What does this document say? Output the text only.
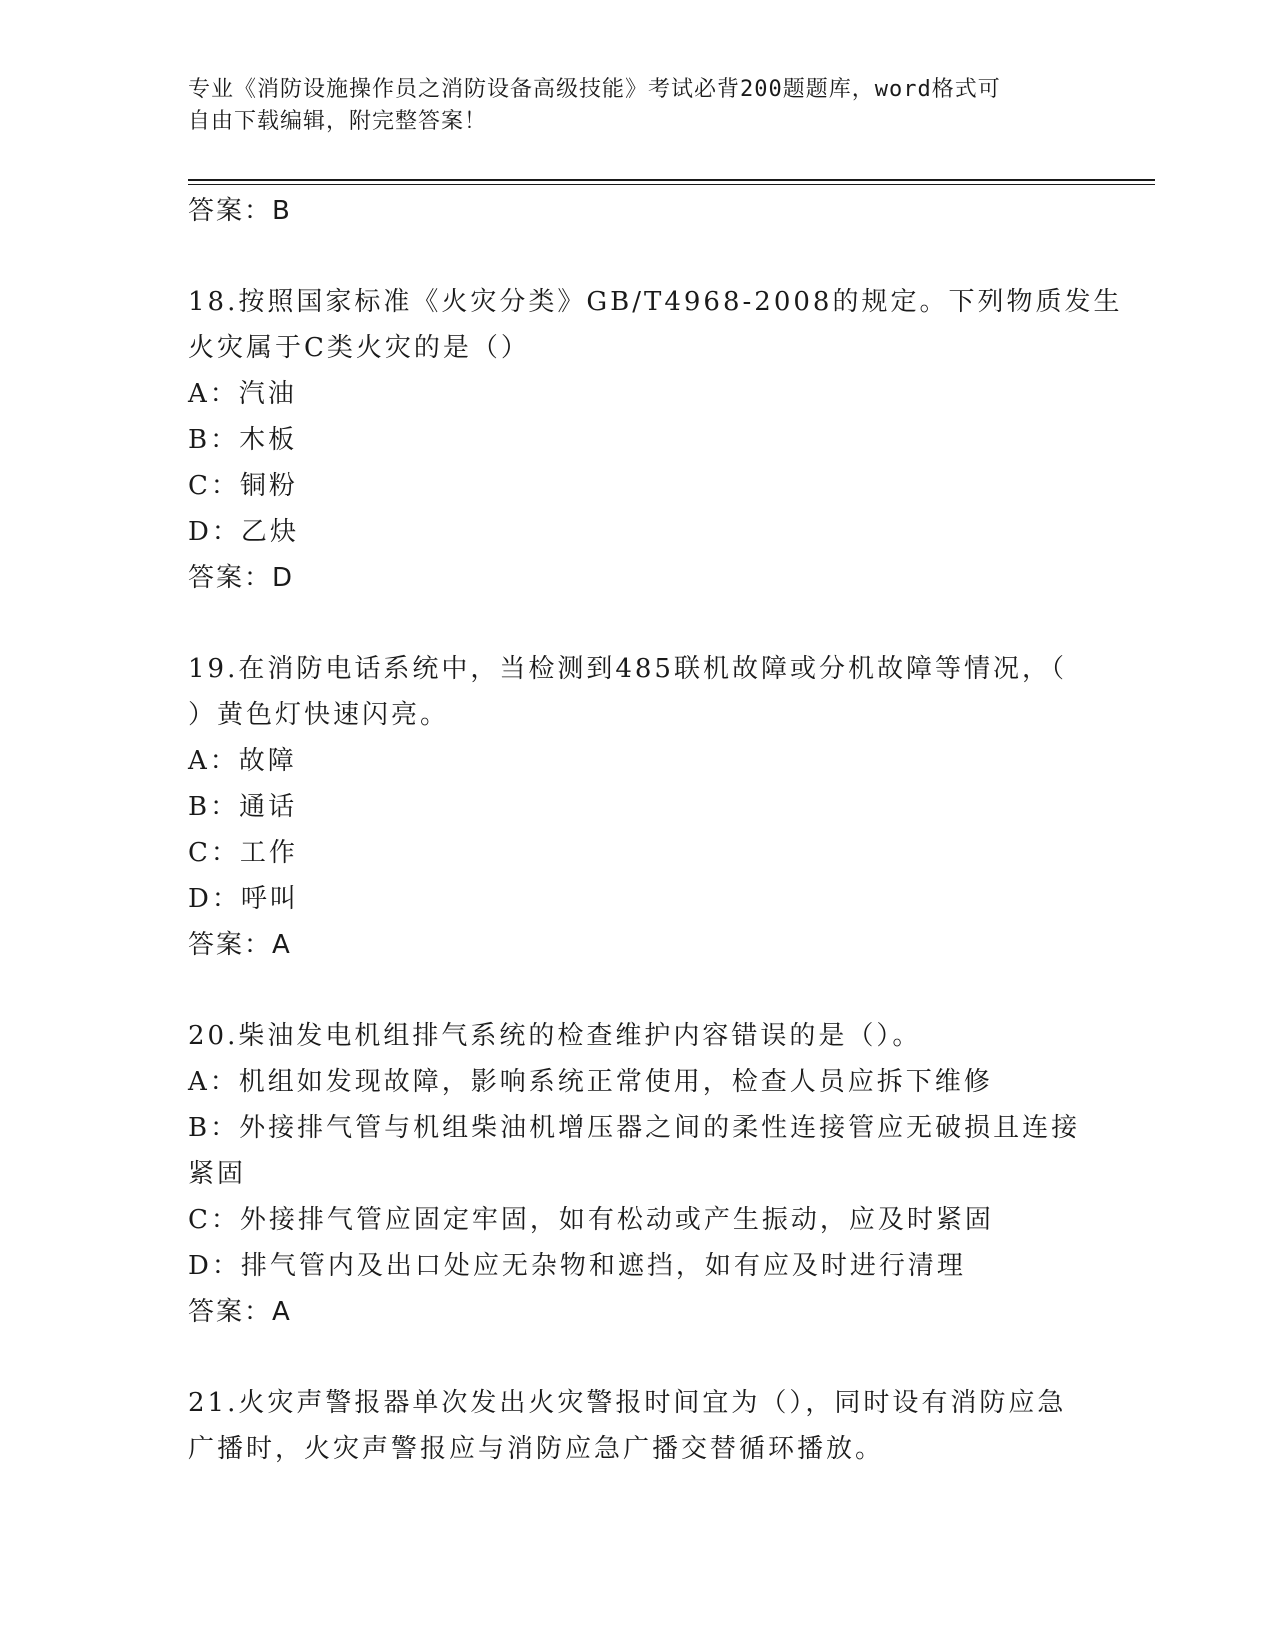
专业《消防设施操作员之消防设备高级技能》考试必背200题题库，word格式可
自由下载编辑，附完整答案！
答案：B
18.按照国家标准《火灾分类》GB/T4968-2008的规定。下列物质发生
火灾属于C类火灾的是（）
A：汽油
B：木板
C：铜粉
D：乙炔
答案：D
19.在消防电话系统中，当检测到485联机故障或分机故障等情况，（
）黄色灯快速闪亮。
A：故障
B：通话
C：工作
D：呼叫
答案：A
20.柴油发电机组排气系统的检查维护内容错误的是（）。
A：机组如发现故障，影响系统正常使用，检查人员应拆下维修
B：外接排气管与机组柴油机增压器之间的柔性连接管应无破损且连接
紧固
C：外接排气管应固定牢固，如有松动或产生振动，应及时紧固
D：排气管内及出口处应无杂物和遮挡，如有应及时进行清理
答案：A
21.火灾声警报器单次发出火灾警报时间宜为（），同时设有消防应急
广播时，火灾声警报应与消防应急广播交替循环播放。
